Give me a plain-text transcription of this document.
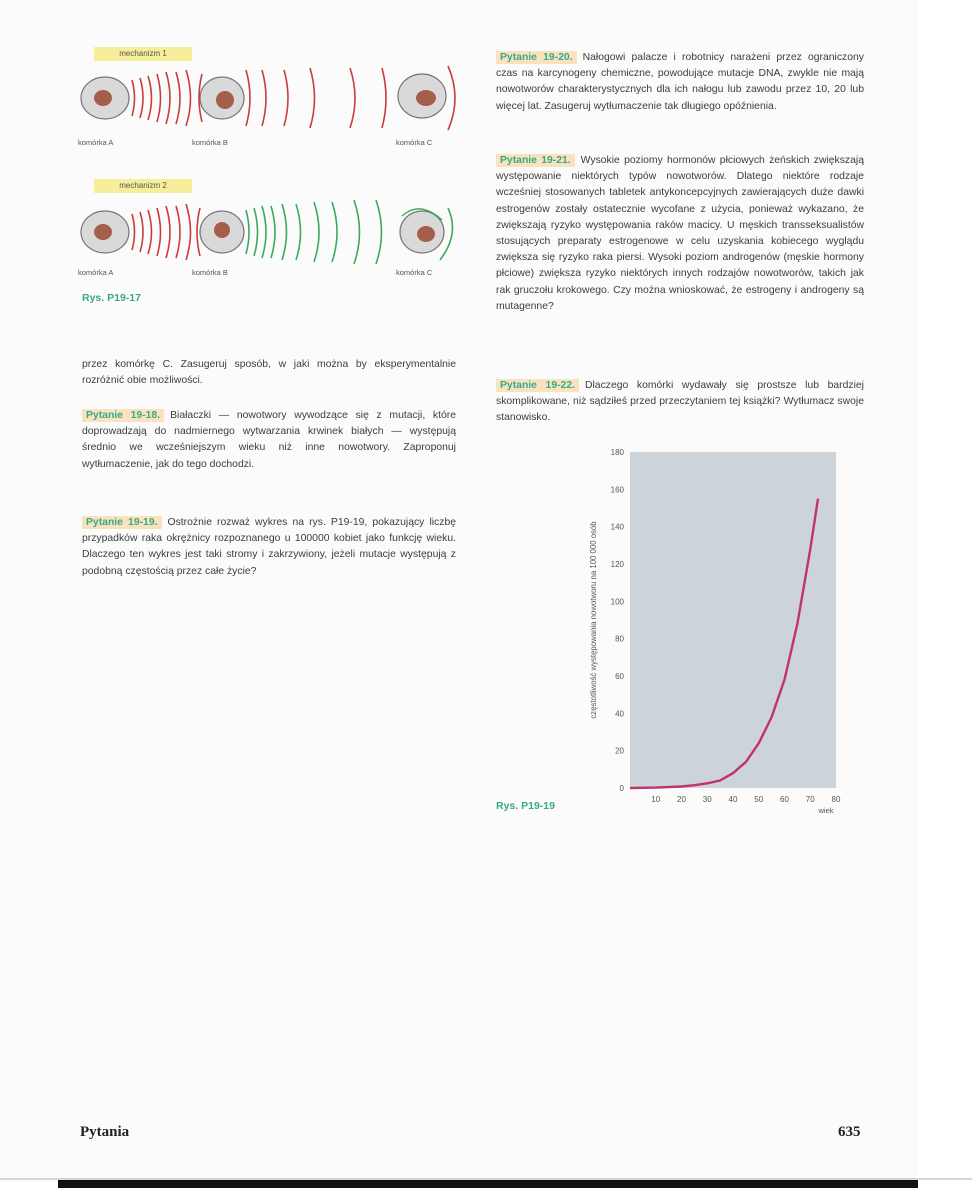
mechanizm 1
mechanizm 2
komórka A	komórka B	komórka C
komórka A	komórka B	komórka C
Rys. P19-17
przez komórkę C. Zasugeruj sposób, w jaki można by eksperymentalnie rozróżnić obie możliwości.
Pytanie 19-18. Białaczki — nowotwory wywodzące się z mutacji, które doprowadzają do nadmiernego wytwarzania krwinek białych — występują średnio we wcześniejszym wieku niż inne nowotwory. Zaproponuj wytłumaczenie, jak do tego dochodzi.
Pytanie 19-19. Ostrożnie rozważ wykres na rys. P19-19, pokazujący liczbę przypadków raka okrężnicy rozpoznanego u 100000 kobiet jako funkcję wieku. Dlaczego ten wykres jest taki stromy i zakrzywiony, jeżeli mutacje występują z podobną częstością przez całe życie?
Pytanie 19-20. Nałogowi palacze i robotnicy narażeni przez ograniczony czas na karcynogeny chemiczne, powodujące mutacje DNA, zwykle nie mają nowotworów charakterystycznych dla ich nałogu lub zawodu przez 10, 20 lub więcej lat. Zasugeruj wytłumaczenie tak długiego opóźnienia.
Pytanie 19-21. Wysokie poziomy hormonów płciowych żeńskich zwiększają występowanie niektórych typów nowotworów. Dlatego niektóre rodzaje wcześniej stosowanych tabletek antykoncepcyjnych zawierających duże dawki estrogenów zostały ostatecznie wycofane z użycia, ponieważ wykazano, że zwiększają ryzyko występowania raków macicy. U męskich transseksualistów stosujących preparaty estrogenowe w celu uzyskania kobiecego wyglądu zwiększa się ryzyko raka piersi. Wysoki poziom androgenów (męskie hormony płciowe) zwiększa ryzyko niektórych innych rodzajów nowotworów, takich jak rak gruczołu krokowego. Czy można wnioskować, że estrogeny i androgeny są mutagenne?
Pytanie 19-22. Dlaczego komórki wydawały się prostsze lub bardziej skomplikowane, niż sądziłeś przed przeczytaniem tej książki? Wytłumacz swoje stanowisko.
0
20
40
60
80
100
120
140
160
180
10 20 30 40 50 60 70 80
wiek
częstotliwość występowania nowotworu na 100 000 osób
Rys. P19-19
Pytania	635
